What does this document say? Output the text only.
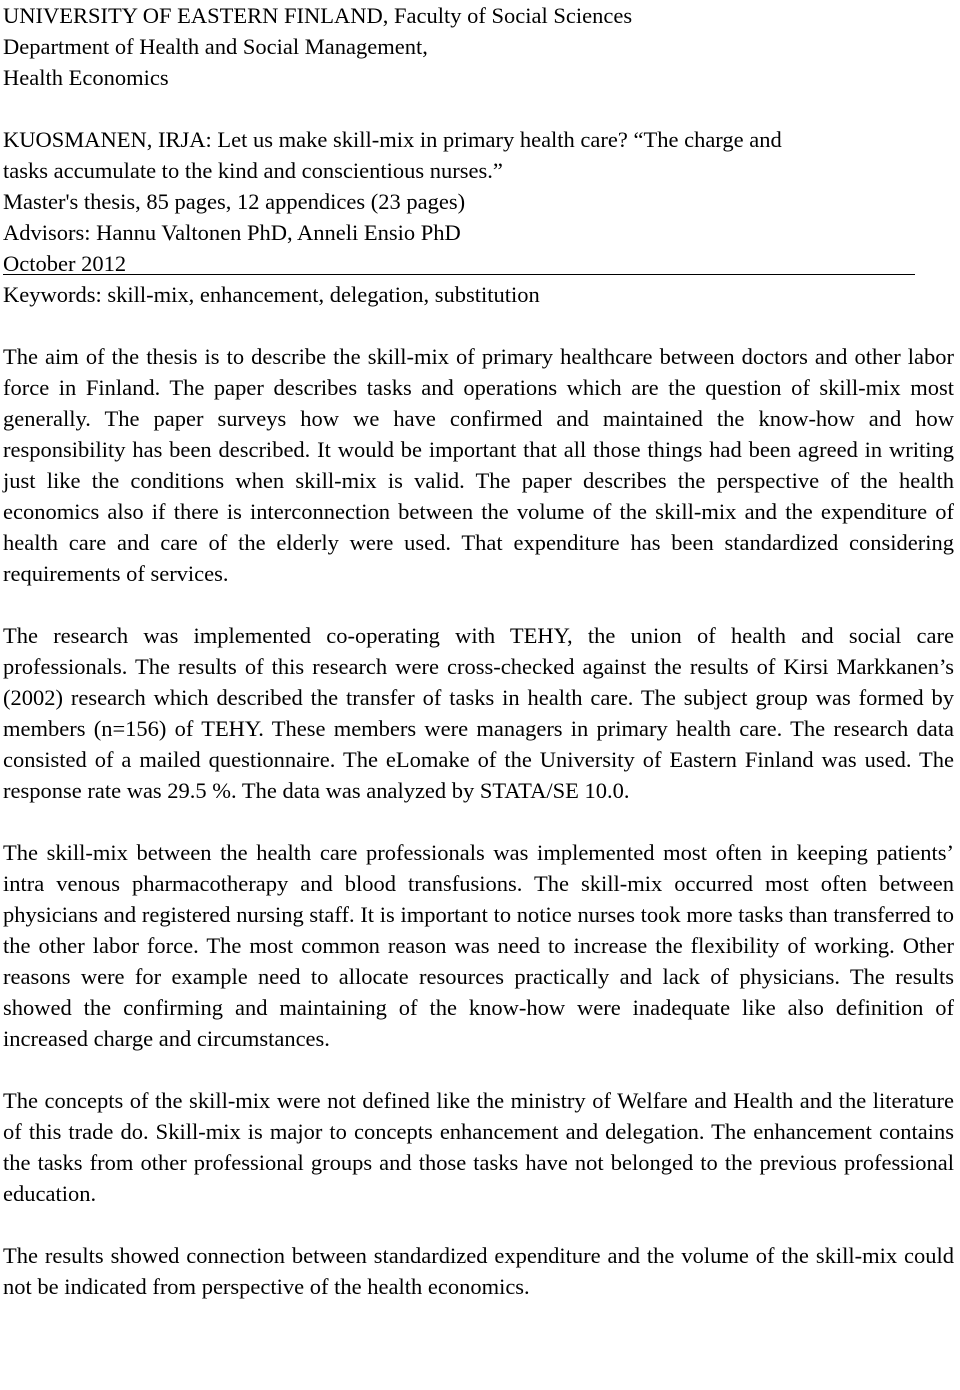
UNIVERSITY OF EASTERN FINLAND, Faculty of Social Sciences
Department of Health and Social Management,
Health Economics
KUOSMANEN, IRJA: Let us make skill-mix in primary health care? “The charge and
tasks accumulate to the kind and conscientious nurses.”
Master's thesis, 85 pages, 12 appendices (23 pages)
Advisors: Hannu Valtonen PhD, Anneli Ensio PhD
October 2012
Keywords: skill-mix, enhancement, delegation, substitution

The aim of the thesis is to describe the skill-mix of primary healthcare between doctors and other labor force in Finland. The paper describes tasks and operations which are the question of skill-mix most generally. The paper surveys how we have confirmed and maintained the know-how and how responsibility has been described. It would be important that all those things had been agreed in writing just like the conditions when skill-mix is valid. The paper describes the perspective of the health economics also if there is interconnection between the volume of the skill-mix and the expenditure of health care and care of the elderly were used. That expenditure has been standardized considering requirements of services.

The research was implemented co-operating with TEHY, the union of health and social care professionals. The results of this research were cross-checked against the results of Kirsi Markkanen’s (2002) research which described the transfer of tasks in health care. The subject group was formed by members (n=156) of TEHY. These members were managers in primary health care. The research data consisted of a mailed questionnaire. The eLomake of the University of Eastern Finland was used. The response rate was 29.5 %. The data was analyzed by STATA/SE 10.0.

The skill-mix between the health care professionals was implemented most often in keeping patients’ intra venous pharmacotherapy and blood transfusions. The skill-mix occurred most often between physicians and registered nursing staff. It is important to notice nurses took more tasks than transferred to the other labor force. The most common reason was need to increase the flexibility of working. Other reasons were for example need to allocate resources practically and lack of physicians. The results showed the confirming and maintaining of the know-how were inadequate like also definition of increased charge and circumstances.

The concepts of the skill-mix were not defined like the ministry of Welfare and Health and the literature of this trade do. Skill-mix is major to concepts enhancement and delegation. The enhancement contains the tasks from other professional groups and those tasks have not belonged to the previous professional education.

The results showed connection between standardized expenditure and the volume of the skill-mix could not be indicated from perspective of the health economics.
